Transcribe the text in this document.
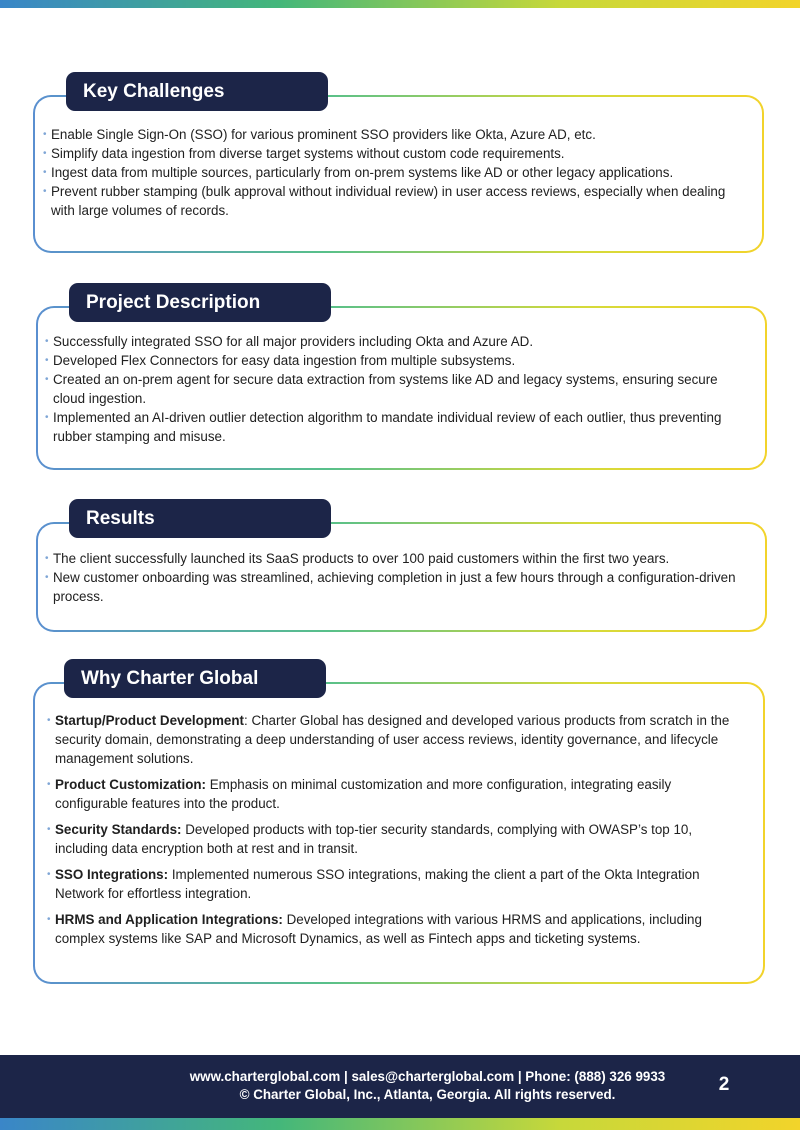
Key Challenges
• Enable Single Sign-On (SSO) for various prominent SSO providers like Okta, Azure AD, etc.
• Simplify data ingestion from diverse target systems without custom code requirements.
• Ingest data from multiple sources, particularly from on-prem systems like AD or other legacy applications.
• Prevent rubber stamping (bulk approval without individual review) in user access reviews, especially when dealing with large volumes of records.
Project Description
• Successfully integrated SSO for all major providers including Okta and Azure AD.
• Developed Flex Connectors for easy data ingestion from multiple subsystems.
• Created an on-prem agent for secure data extraction from systems like AD and legacy systems, ensuring secure cloud ingestion.
• Implemented an AI-driven outlier detection algorithm to mandate individual review of each outlier, thus preventing rubber stamping and misuse.
Results
• The client successfully launched its SaaS products to over 100 paid customers within the first two years.
• New customer onboarding was streamlined, achieving completion in just a few hours through a configuration-driven process.
Why Charter Global
• Startup/Product Development: Charter Global has designed and developed various products from scratch in the security domain, demonstrating a deep understanding of user access reviews, identity governance, and lifecycle management solutions.
• Product Customization: Emphasis on minimal customization and more configuration, integrating easily configurable features into the product.
• Security Standards: Developed products with top-tier security standards, complying with OWASP’s top 10, including data encryption both at rest and in transit.
• SSO Integrations: Implemented numerous SSO integrations, making the client a part of the Okta Integration Network for effortless integration.
• HRMS and Application Integrations: Developed integrations with various HRMS and applications, including complex systems like SAP and Microsoft Dynamics, as well as Fintech apps and ticketing systems.
www.charterglobal.com | sales@charterglobal.com | Phone: (888) 326 9933
© Charter Global, Inc., Atlanta, Georgia. All rights reserved.	2
